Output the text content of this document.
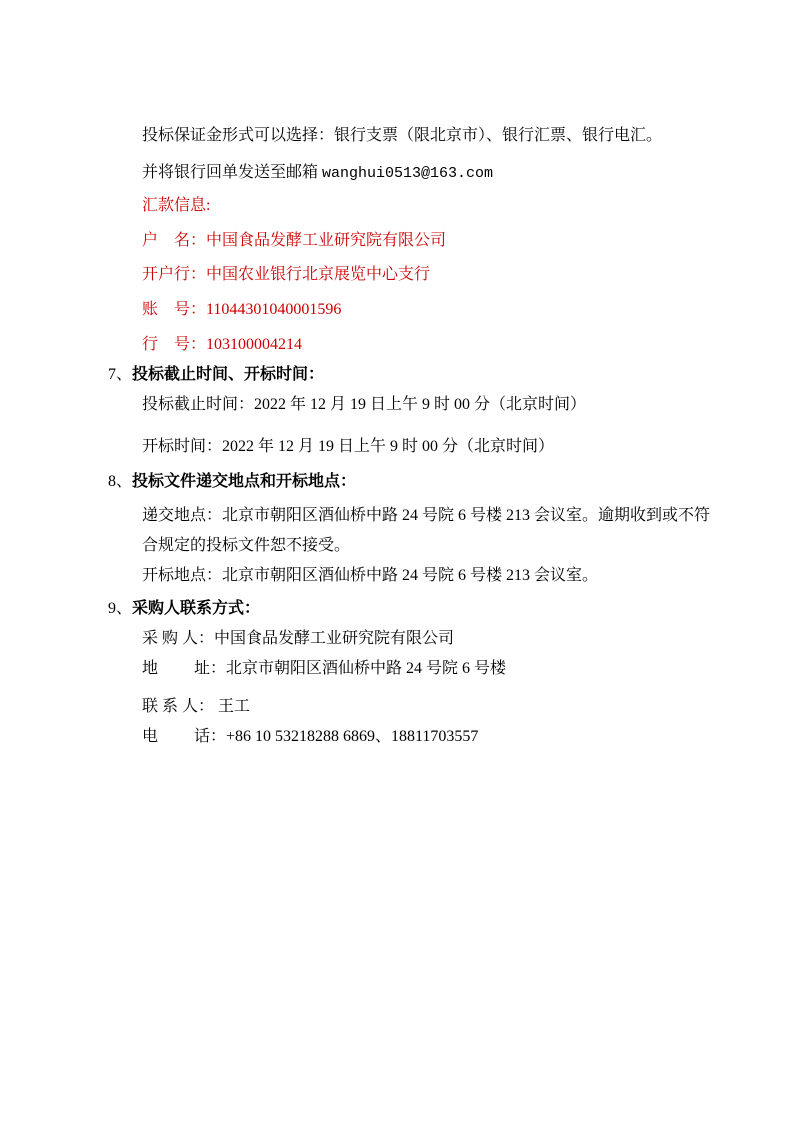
投标保证金形式可以选择：银行支票（限北京市）、银行汇票、银行电汇。

并将银行回单发送至邮箱 wanghui0513@163.com

汇款信息:

户　名：中国食品发酵工业研究院有限公司

开户行：中国农业银行北京展览中心支行

账　号：11044301040001596

行　号：103100004214

7、投标截止时间、开标时间：

投标截止时间：2022 年 12 月 19 日上午 9 时 00 分（北京时间）

开标时间：2022 年 12 月 19 日上午 9 时 00 分（北京时间）

8、投标文件递交地点和开标地点：

递交地点：北京市朝阳区酒仙桥中路 24 号院 6 号楼 213 会议室。逾期收到或不符

合规定的投标文件恕不接受。

开标地点：北京市朝阳区酒仙桥中路 24 号院 6 号楼 213 会议室。

9、采购人联系方式：

采 购 人：中国食品发酵工业研究院有限公司

地　　 址：北京市朝阳区酒仙桥中路 24 号院 6 号楼

联 系 人： 王工

电　　 话：+86 10 53218288 6869、18811703557
